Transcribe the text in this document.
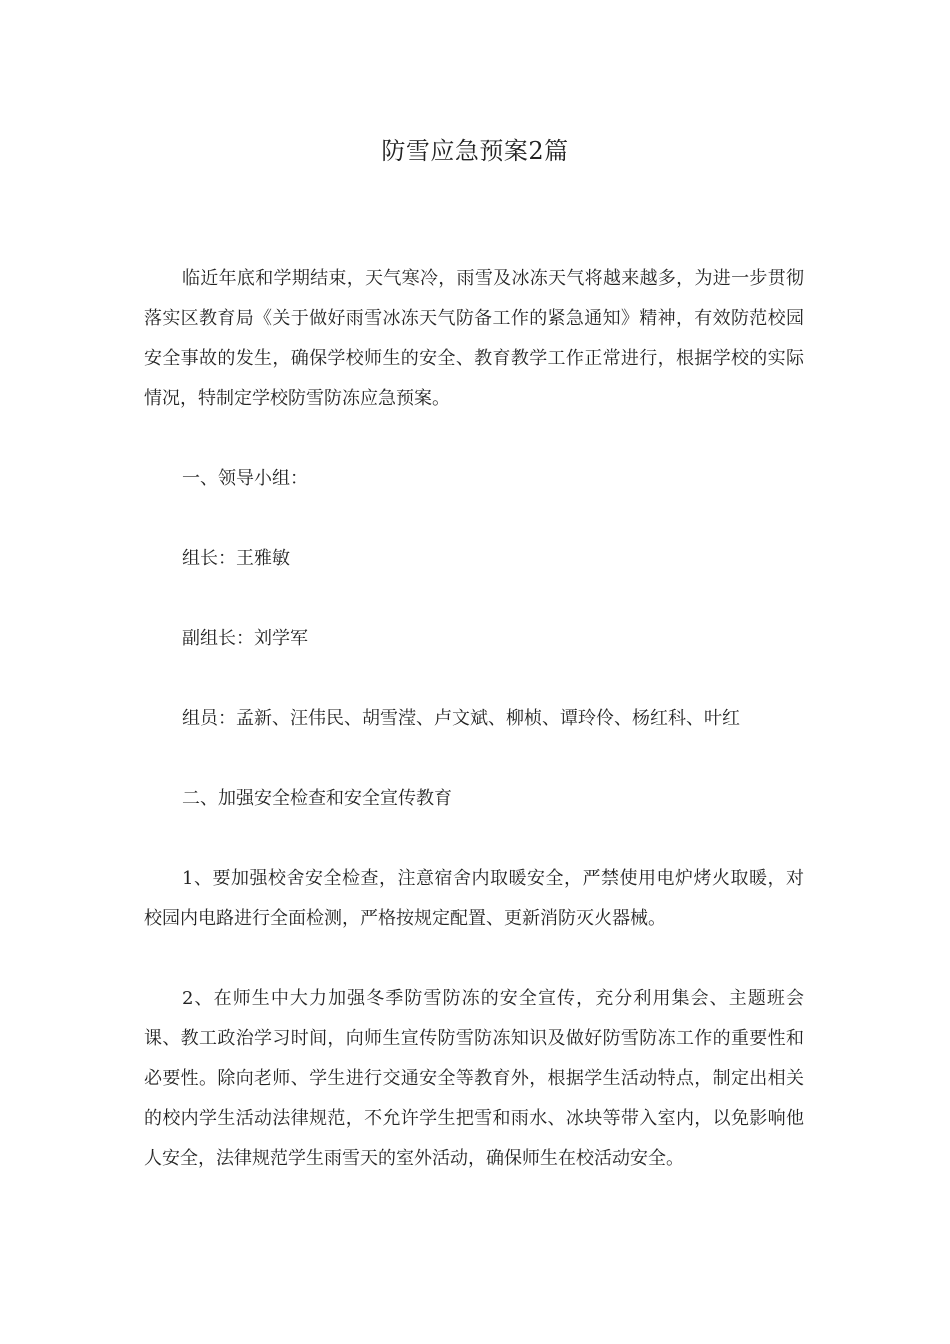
防雪应急预案2篇

临近年底和学期结束，天气寒冷，雨雪及冰冻天气将越来越多，为进一步贯彻落实区教育局《关于做好雨雪冰冻天气防备工作的紧急通知》精神，有效防范校园安全事故的发生，确保学校师生的安全、教育教学工作正常进行，根据学校的实际情况，特制定学校防雪防冻应急预案。

一、领导小组：

组长：王雅敏

副组长：刘学军

组员：孟新、汪伟民、胡雪滢、卢文斌、柳桢、谭玲伶、杨红科、叶红

二、加强安全检查和安全宣传教育

1、要加强校舍安全检查，注意宿舍内取暖安全，严禁使用电炉烤火取暖，对校园内电路进行全面检测，严格按规定配置、更新消防灭火器械。

2、在师生中大力加强冬季防雪防冻的安全宣传，充分利用集会、主题班会课、教工政治学习时间，向师生宣传防雪防冻知识及做好防雪防冻工作的重要性和必要性。除向老师、学生进行交通安全等教育外，根据学生活动特点，制定出相关的校内学生活动法律规范，不允许学生把雪和雨水、冰块等带入室内，以免影响他人安全，法律规范学生雨雪天的室外活动，确保师生在校活动安全。
